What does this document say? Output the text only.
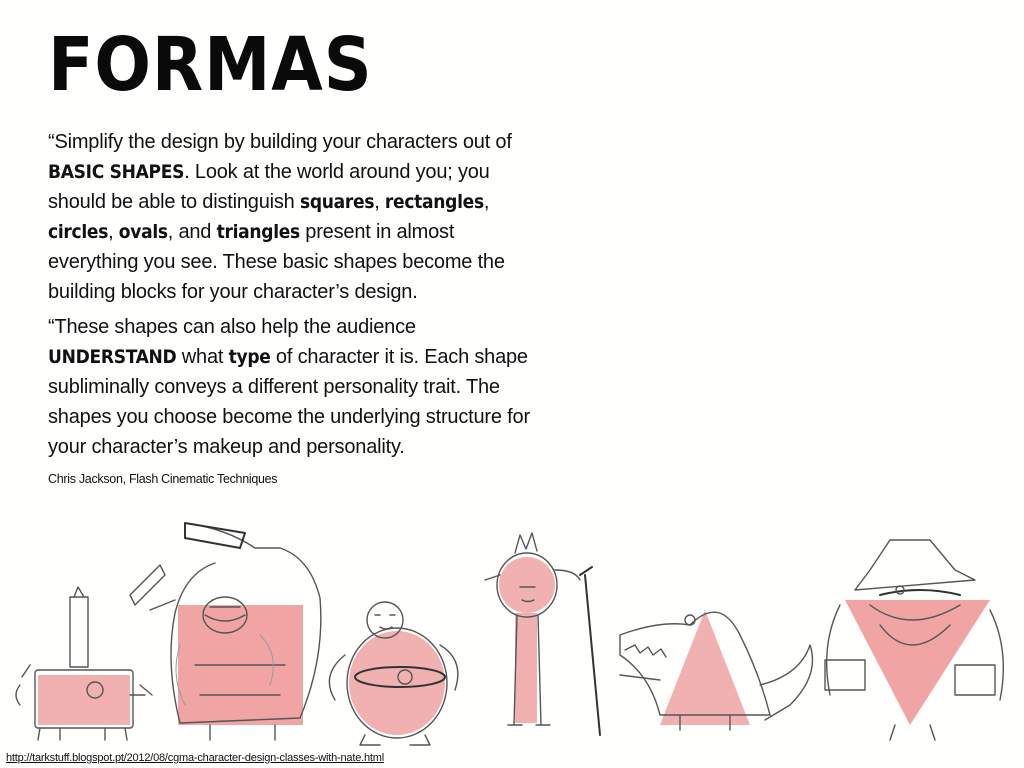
FORMAS

“Simplify the design by building your characters out of BASIC SHAPES. Look at the world around you; you should be able to distinguish squares, rectangles, circles, ovals, and triangles present in almost everything you see. These basic shapes become the building blocks for your character’s design.

“These shapes can also help the audience UNDERSTAND what type of character it is. Each shape subliminally conveys a different personality trait. The shapes you choose become the underlying structure for your character’s makeup and personality.

Chris Jackson, Flash Cinematic Techniques
http://tarkstuff.blogspot.pt/2012/08/cgma-character-design-classes-with-nate.html
